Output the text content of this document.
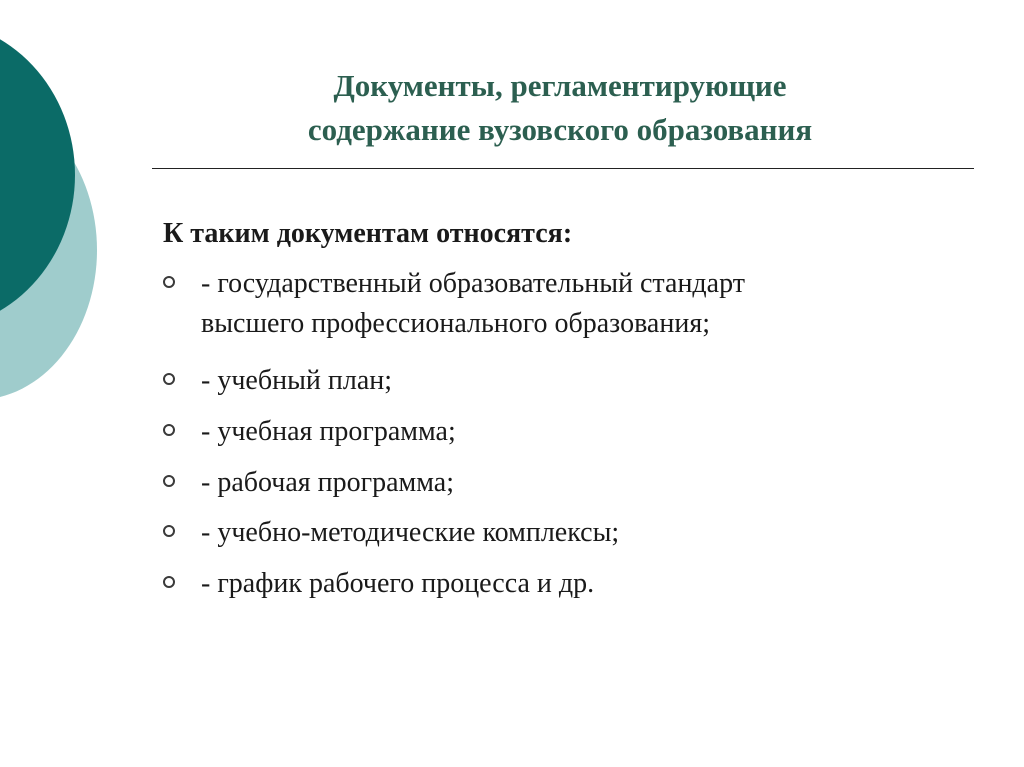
Документы, регламентирующие
содержание вузовского образования
К таким документам относятся:
- государственный образовательный стандарт
высшего профессионального образования;
- учебный план;
- учебная программа;
- рабочая программа;
- учебно-методические комплексы;
- график рабочего процесса и др.
